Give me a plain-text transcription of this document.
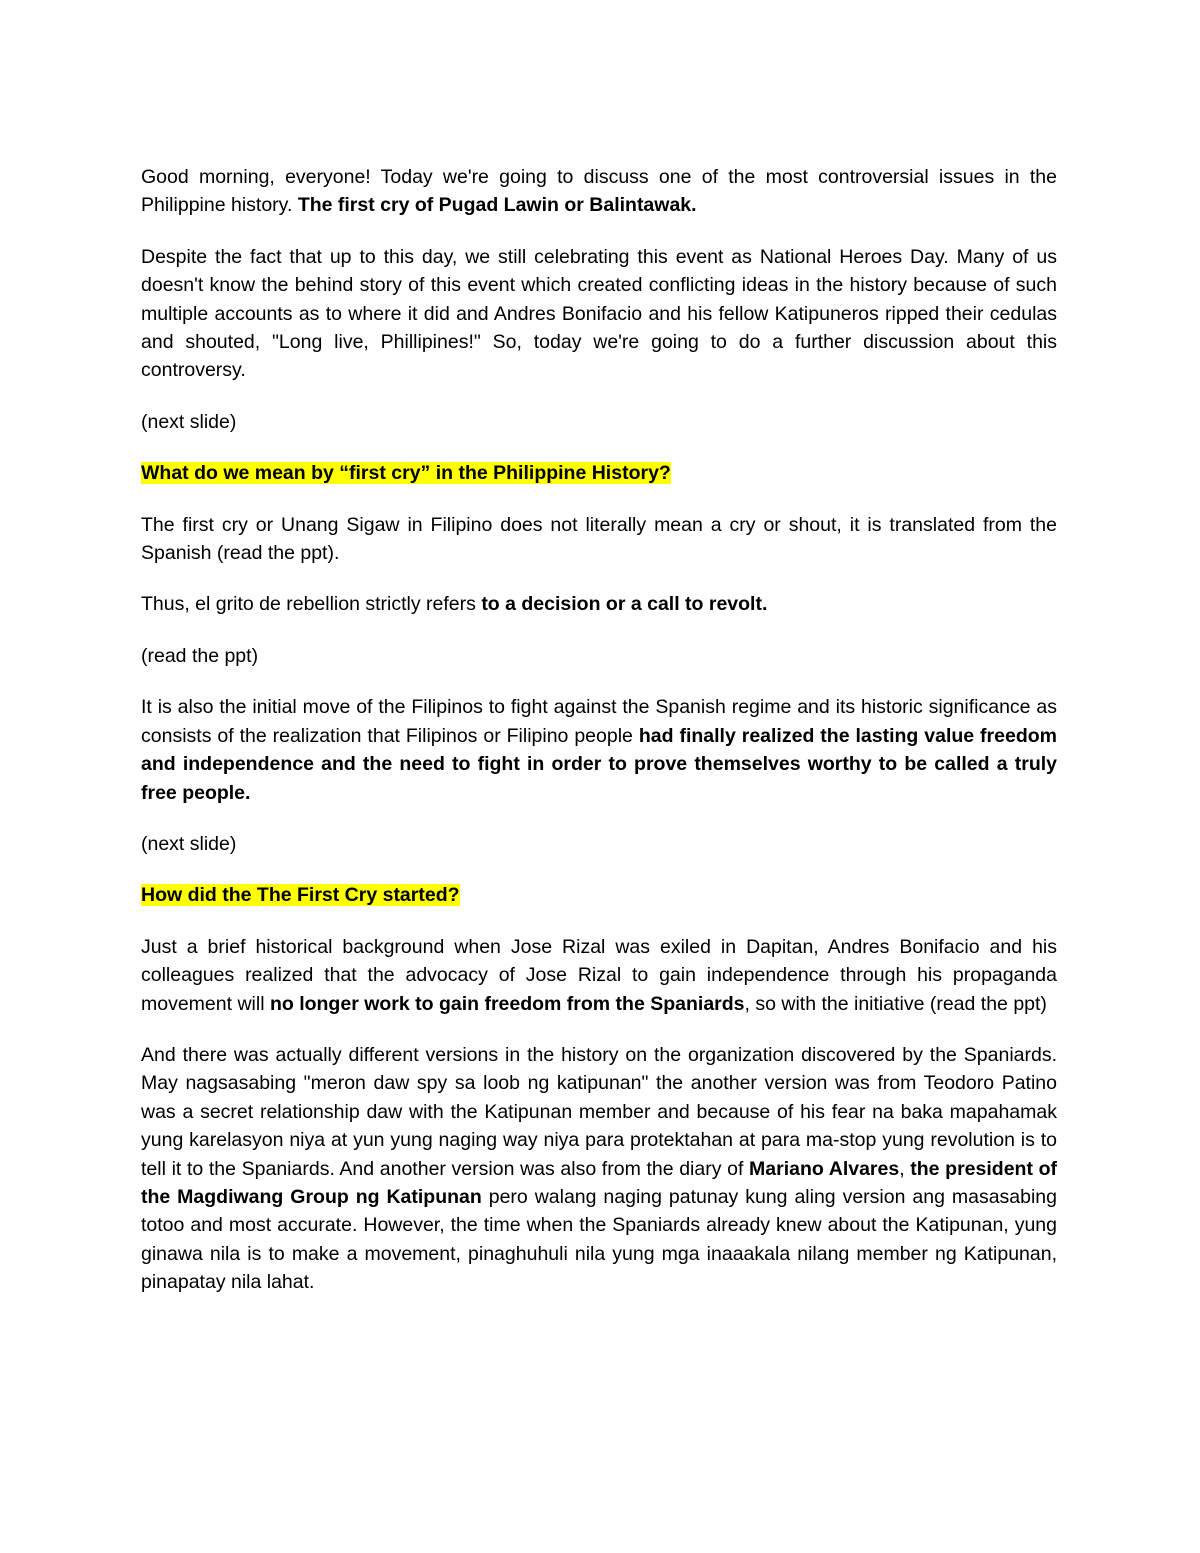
Good morning, everyone! Today we're going to discuss one of the most controversial issues in the Philippine history. The first cry of Pugad Lawin or Balintawak.

Despite the fact that up to this day, we still celebrating this event as National Heroes Day. Many of us doesn't know the behind story of this event which created conflicting ideas in the history because of such multiple accounts as to where it did and Andres Bonifacio and his fellow Katipuneros ripped their cedulas and shouted, "Long live, Phillipines!" So, today we're going to do a further discussion about this controversy.

(next slide)

What do we mean by “first cry” in the Philippine History?

The first cry or Unang Sigaw in Filipino does not literally mean a cry or shout, it is translated from the Spanish (read the ppt).

Thus, el grito de rebellion strictly refers to a decision or a call to revolt.

(read the ppt)

It is also the initial move of the Filipinos to fight against the Spanish regime and its historic significance as consists of the realization that Filipinos or Filipino people had finally realized the lasting value freedom and independence and the need to fight in order to prove themselves worthy to be called a truly free people.

(next slide)

How did the The First Cry started?

Just a brief historical background when Jose Rizal was exiled in Dapitan, Andres Bonifacio and his colleagues realized that the advocacy of Jose Rizal to gain independence through his propaganda movement will no longer work to gain freedom from the Spaniards, so with the initiative (read the ppt)

And there was actually different versions in the history on the organization discovered by the Spaniards. May nagsasabing "meron daw spy sa loob ng katipunan" the another version was from Teodoro Patino was a secret relationship daw with the Katipunan member and because of his fear na baka mapahamak yung karelasyon niya at yun yung naging way niya para protektahan at para ma-stop yung revolution is to tell it to the Spaniards. And another version was also from the diary of Mariano Alvares, the president of the Magdiwang Group ng Katipunan pero walang naging patunay kung aling version ang masasabing totoo and most accurate. However, the time when the Spaniards already knew about the Katipunan, yung ginawa nila is to make a movement, pinaghuhuli nila yung mga inaaakala nilang member ng Katipunan, pinapatay nila lahat.
